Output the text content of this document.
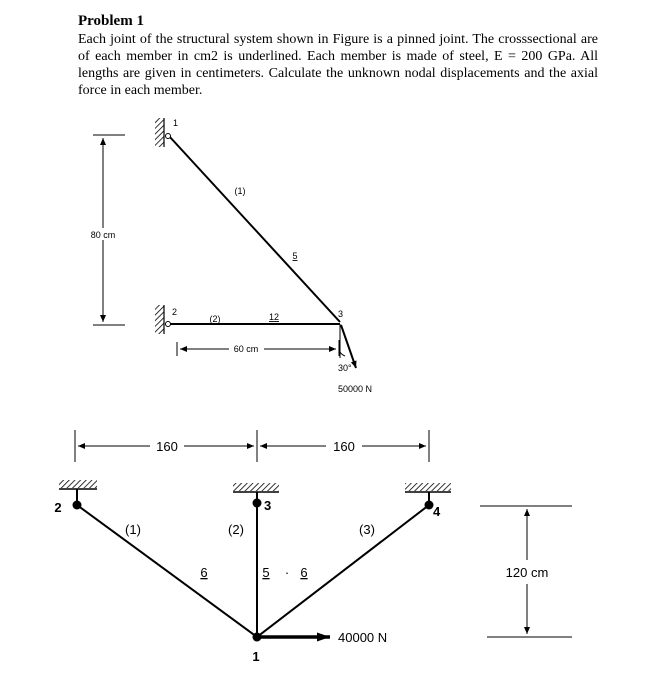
Problem 1

Each joint of the structural system shown in Figure is a pinned joint. The crosssectional are of each member in cm2 is underlined. Each member is made of steel, E = 200 GPa. All lengths are given in centimeters. Calculate the unknown nodal displacements and the axial force in each member.

80 cm
1
2	3
(1)
(2)
5
12
60 cm
30°
50000 N
160	160
2	3	4
1
(1)	(2)	(3)
6	5 · 6
40000 N
120 cm
